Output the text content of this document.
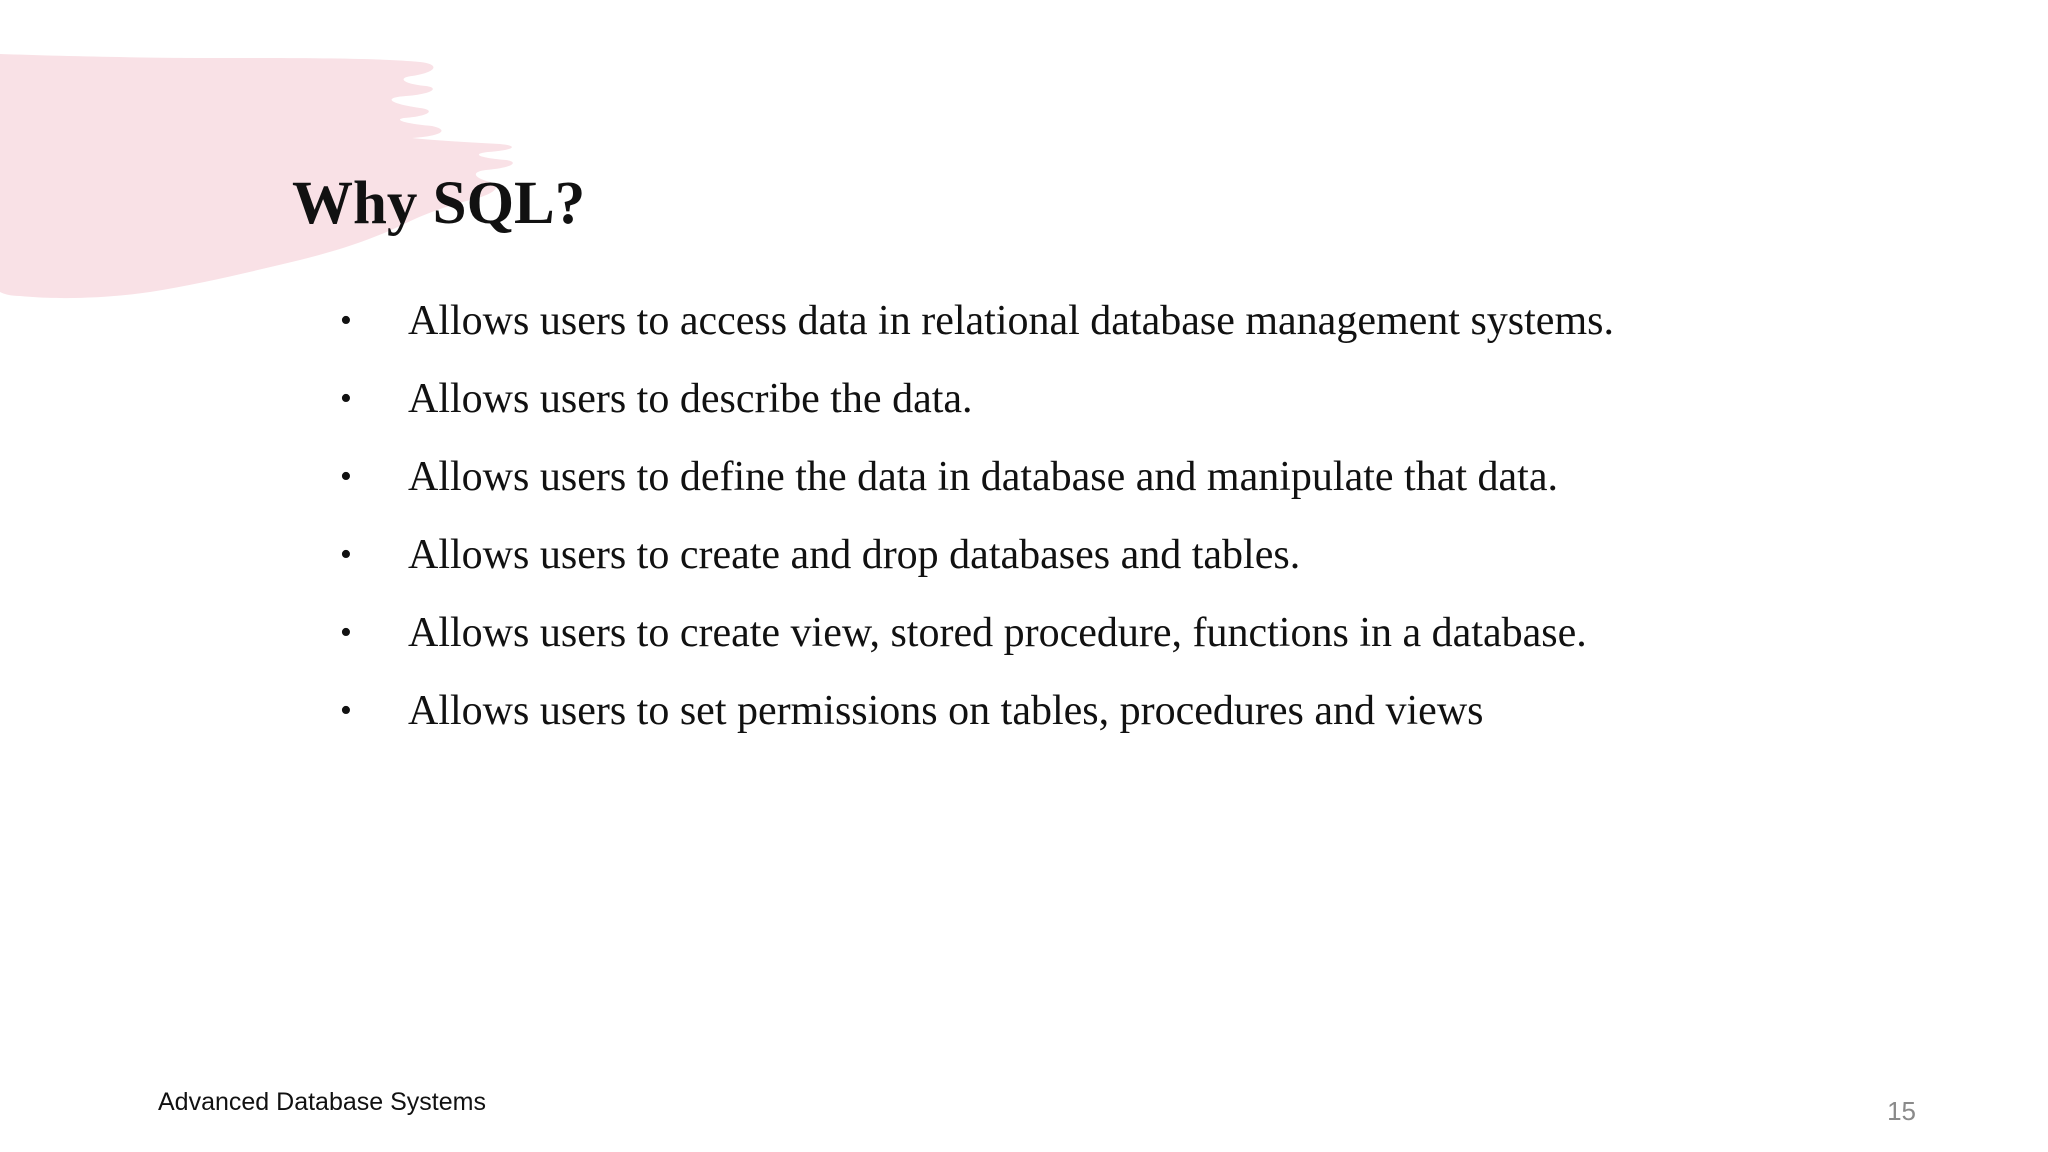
Why SQL?
• Allows users to access data in relational database management systems.
• Allows users to describe the data.
• Allows users to define the data in database and manipulate that data.
• Allows users to create and drop databases and tables.
• Allows users to create view, stored procedure, functions in a database.
• Allows users to set permissions on tables, procedures and views
Advanced Database Systems	15
